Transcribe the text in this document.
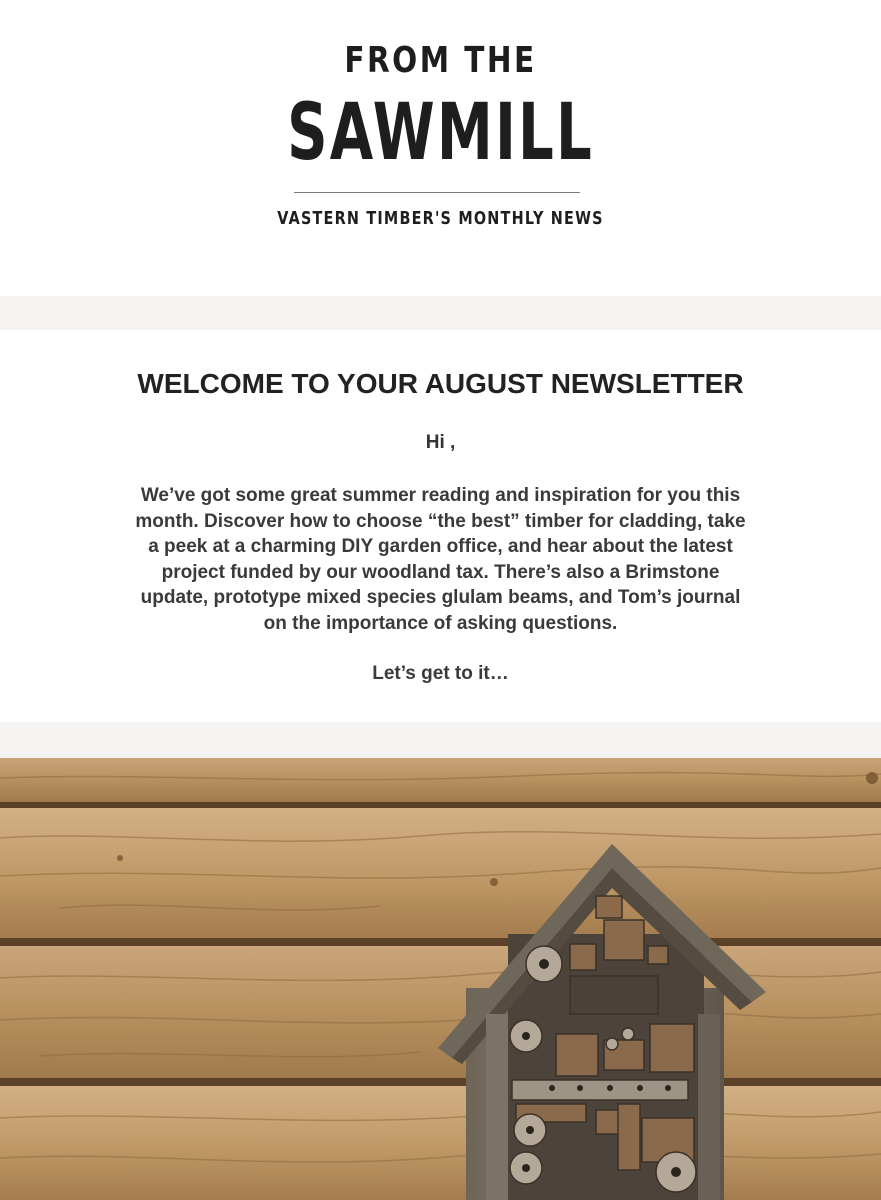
FROM THE
SAWMILL
VASTERN TIMBER'S MONTHLY NEWS
WELCOME TO YOUR AUGUST NEWSLETTER
Hi ,

We’ve got some great summer reading and inspiration for you this month. Discover how to choose “the best” timber for cladding, take a peek at a charming DIY garden office, and hear about the latest project funded by our woodland tax. There’s also a Brimstone update, prototype mixed species glulam beams, and Tom’s journal on the importance of asking questions.

Let’s get to it…
